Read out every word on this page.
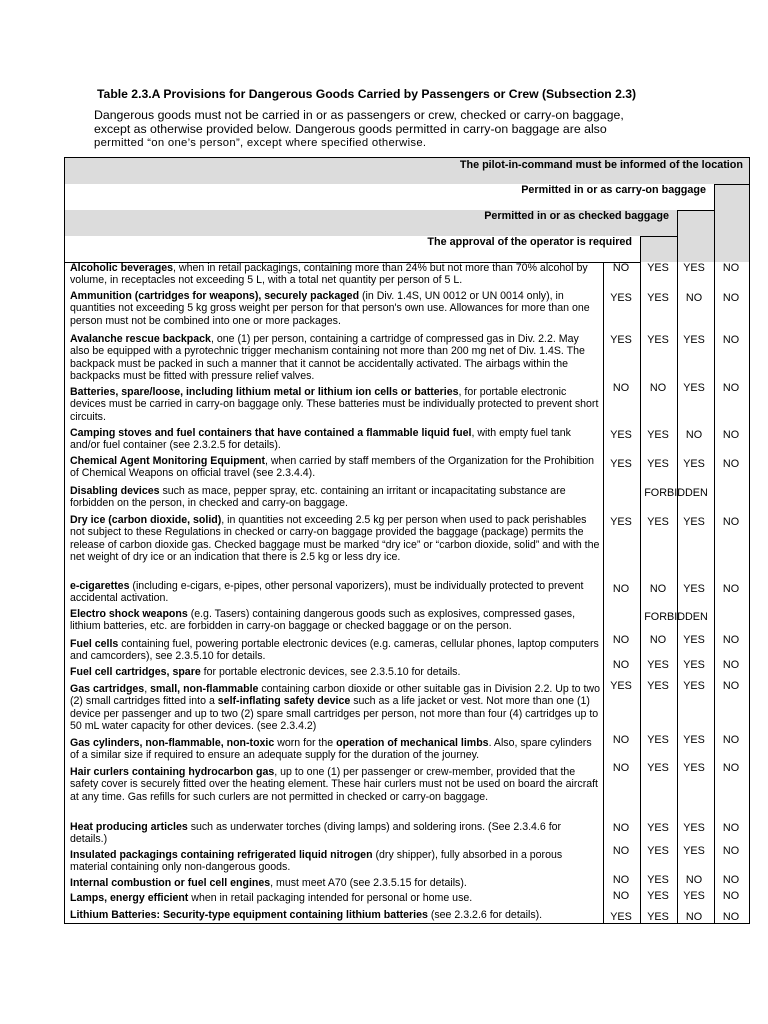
Table 2.3.A Provisions for Dangerous Goods Carried by Passengers or Crew (Subsection 2.3)
Dangerous goods must not be carried in or as passengers or crew, checked or carry-on baggage,
except as otherwise provided below. Dangerous goods permitted in carry-on baggage are also
permitted “on one’s person”, except where specified otherwise.
The pilot-in-command must be informed of the location
Permitted in or as carry-on baggage
Permitted in or as checked baggage
The approval of the operator is required
Alcoholic beverages, when in retail packagings, containing more than 24% but not more than 70% alcohol by volume, in receptacles not exceeding 5 L, with a total net quantity per person of 5 L.
NO	YES	YES	NO
Ammunition (cartridges for weapons), securely packaged (in Div. 1.4S, UN 0012 or UN 0014 only), in quantities not exceeding 5 kg gross weight per person for that person's own use. Allowances for more than one person must not be combined into one or more packages.
YES	YES	NO	NO
Avalanche rescue backpack, one (1) per person, containing a cartridge of compressed gas in Div. 2.2. May also be equipped with a pyrotechnic trigger mechanism containing not more than 200 mg net of Div. 1.4S. The backpack must be packed in such a manner that it cannot be accidentally activated. The airbags within the backpacks must be fitted with pressure relief valves.
YES	YES	YES	NO
Batteries, spare/loose, including lithium metal or lithium ion cells or batteries, for portable electronic devices must be carried in carry-on baggage only. These batteries must be individually protected to prevent short circuits.
NO	NO	YES	NO
Camping stoves and fuel containers that have contained a flammable liquid fuel, with empty fuel tank and/or fuel container (see 2.3.2.5 for details).
YES	YES	NO	NO
Chemical Agent Monitoring Equipment, when carried by staff members of the Organization for the Prohibition of Chemical Weapons on official travel (see 2.3.4.4).
YES	YES	YES	NO
Disabling devices such as mace, pepper spray, etc. containing an irritant or incapacitating substance are forbidden on the person, in checked and carry-on baggage.
FORBIDDEN
Dry ice (carbon dioxide, solid), in quantities not exceeding 2.5 kg per person when used to pack perishables not subject to these Regulations in checked or carry-on baggage provided the baggage (package) permits the release of carbon dioxide gas. Checked baggage must be marked “dry ice” or “carbon dioxide, solid” and with the net weight of dry ice or an indication that there is 2.5 kg or less dry ice.
YES	YES	YES	NO
e-cigarettes (including e-cigars, e-pipes, other personal vaporizers), must be individually protected to prevent accidental activation.
NO	NO	YES	NO
Electro shock weapons (e.g. Tasers) containing dangerous goods such as explosives, compressed gases, lithium batteries, etc. are forbidden in carry-on baggage or checked baggage or on the person.
FORBIDDEN
Fuel cells containing fuel, powering portable electronic devices (e.g. cameras, cellular phones, laptop computers and camcorders), see 2.3.5.10 for details.
NO	NO	YES	NO
Fuel cell cartridges, spare for portable electronic devices, see 2.3.5.10 for details.
NO	YES	YES	NO
Gas cartridges, small, non-flammable containing carbon dioxide or other suitable gas in Division 2.2. Up to two (2) small cartridges fitted into a self-inflating safety device such as a life jacket or vest. Not more than one (1) device per passenger and up to two (2) spare small cartridges per person, not more than four (4) cartridges up to 50 mL water capacity for other devices. (see 2.3.4.2)
YES	YES	YES	NO
Gas cylinders, non-flammable, non-toxic worn for the operation of mechanical limbs. Also, spare cylinders of a similar size if required to ensure an adequate supply for the duration of the journey.
NO	YES	YES	NO
Hair curlers containing hydrocarbon gas, up to one (1) per passenger or crew-member, provided that the safety cover is securely fitted over the heating element. These hair curlers must not be used on board the aircraft at any time. Gas refills for such curlers are not permitted in checked or carry-on baggage.
NO	YES	YES	NO
Heat producing articles such as underwater torches (diving lamps) and soldering irons. (See 2.3.4.6 for details.)
NO	YES	YES	NO
Insulated packagings containing refrigerated liquid nitrogen (dry shipper), fully absorbed in a porous material containing only non-dangerous goods.
NO	YES	YES	NO
Internal combustion or fuel cell engines, must meet A70 (see 2.3.5.15 for details).	NO	YES	NO	NO
Lamps, energy efficient when in retail packaging intended for personal or home use.	NO	YES	YES	NO
Lithium Batteries: Security-type equipment containing lithium batteries (see 2.3.2.6 for details).	YES	YES	NO	NO
